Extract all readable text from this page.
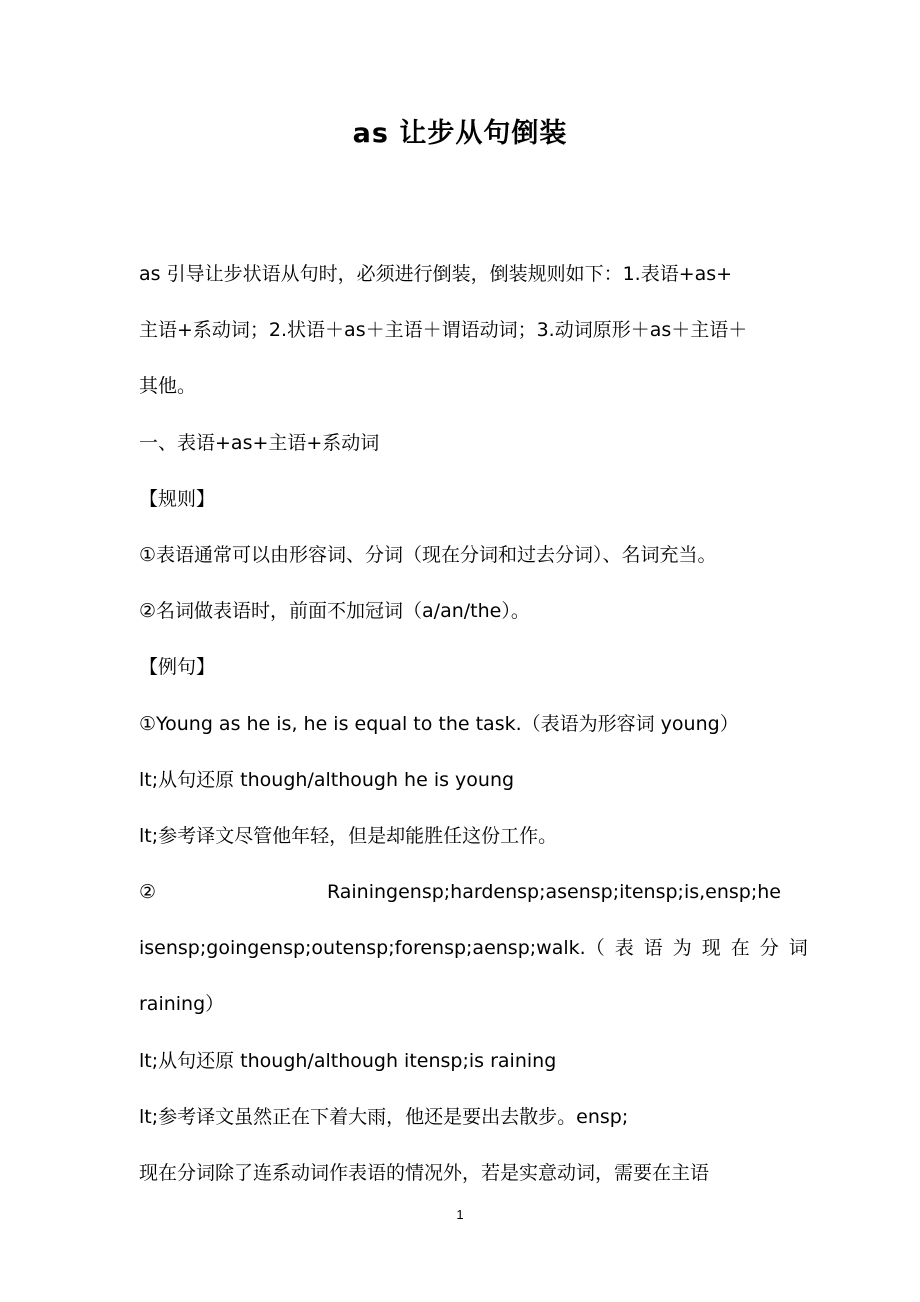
as 让步从句倒装
as 引导让步状语从句时，必须进行倒装，倒装规则如下：1.表语+as+
主语+系动词；2.状语＋as＋主语＋谓语动词；3.动词原形＋as＋主语＋
其他。
一、表语+as+主语+系动词
【规则】
①表语通常可以由形容词、分词（现在分词和过去分词）、名词充当。
②名词做表语时，前面不加冠词（a/an/the）。
【例句】
①Young as he is, he is equal to the task.（表语为形容词 young）
lt;从句还原 though/although he is young
lt;参考译文尽管他年轻，但是却能胜任这份工作。
②	Rainingensp;hardensp;asensp;itensp;is,ensp;he
isensp;goingensp;outensp;forensp;aensp;walk. （表语为现在分词
raining）
lt;从句还原 though/although itensp;is raining
lt;参考译文虽然正在下着大雨，他还是要出去散步。ensp;
现在分词除了连系动词作表语的情况外，若是实意动词，需要在主语
1
